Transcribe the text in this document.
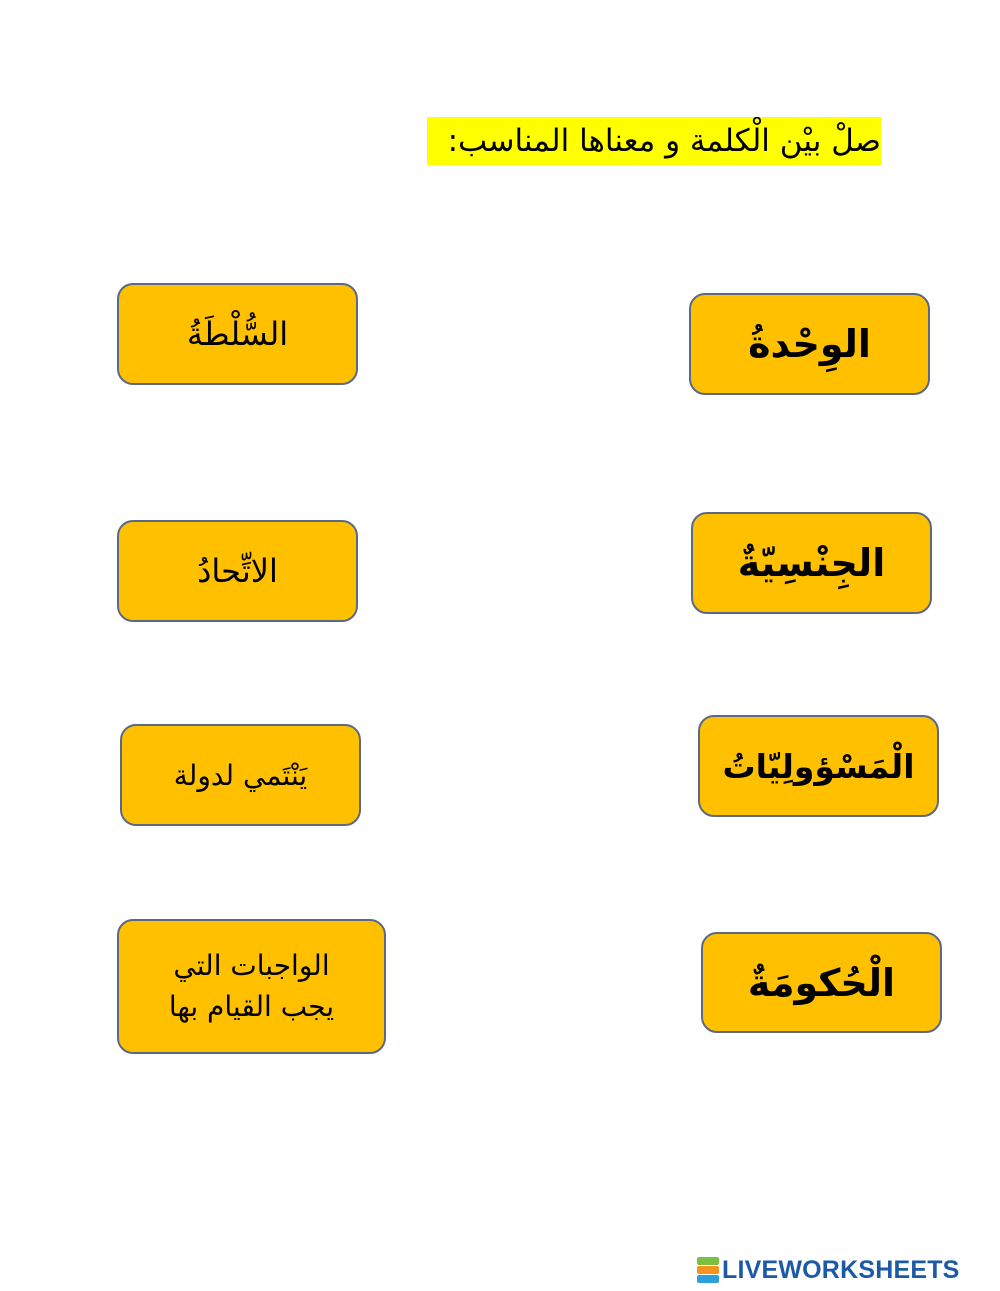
صلْ بيْن الْكلمة و معناها المناسب:
الوِحْدةُ
الجِنْسِيّةٌ
الْمَسْؤولِيّاتُ
الْحُكومَةٌ
السُّلْطَةُ
الاتِّحادُ
يَنْتَمي لدولة
الواجبات التي
يجب القيام بها
LIVEWORKSHEETS
